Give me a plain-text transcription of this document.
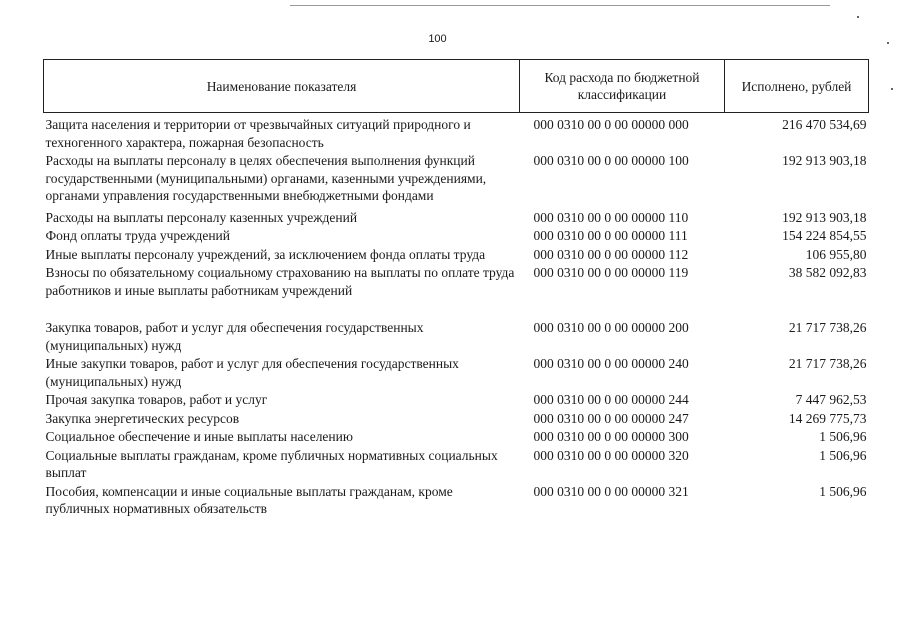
100
Наименование показателя	Код расхода по бюджетной классификации	Исполнено, рублей
Защита населения и территории от чрезвычайных ситуаций природного и техногенного характера, пожарная безопасность	000 0310 00 0 00 00000 000	216 470 534,69
Расходы на выплаты персоналу в целях обеспечения выполнения функций государственными (муниципальными) органами, казенными учреждениями, органами управления государственными внебюджетными фондами	000 0310 00 0 00 00000 100	192 913 903,18
Расходы на выплаты персоналу казенных учреждений	000 0310 00 0 00 00000 110	192 913 903,18
Фонд оплаты труда учреждений	000 0310 00 0 00 00000 111	154 224 854,55
Иные выплаты персоналу учреждений, за исключением фонда оплаты труда	000 0310 00 0 00 00000 112	106 955,80
Взносы по обязательному социальному страхованию на выплаты по оплате труда работников и иные выплаты работникам учреждений	000 0310 00 0 00 00000 119	38 582 092,83
Закупка товаров, работ и услуг для обеспечения государственных (муниципальных) нужд	000 0310 00 0 00 00000 200	21 717 738,26
Иные закупки товаров, работ и услуг для обеспечения государственных (муниципальных) нужд	000 0310 00 0 00 00000 240	21 717 738,26
Прочая закупка товаров, работ и услуг	000 0310 00 0 00 00000 244	7 447 962,53
Закупка энергетических ресурсов	000 0310 00 0 00 00000 247	14 269 775,73
Социальное обеспечение и иные выплаты населению	000 0310 00 0 00 00000 300	1 506,96
Социальные выплаты гражданам, кроме публичных нормативных социальных выплат	000 0310 00 0 00 00000 320	1 506,96
Пособия, компенсации и иные социальные выплаты гражданам, кроме публичных нормативных обязательств	000 0310 00 0 00 00000 321	1 506,96
